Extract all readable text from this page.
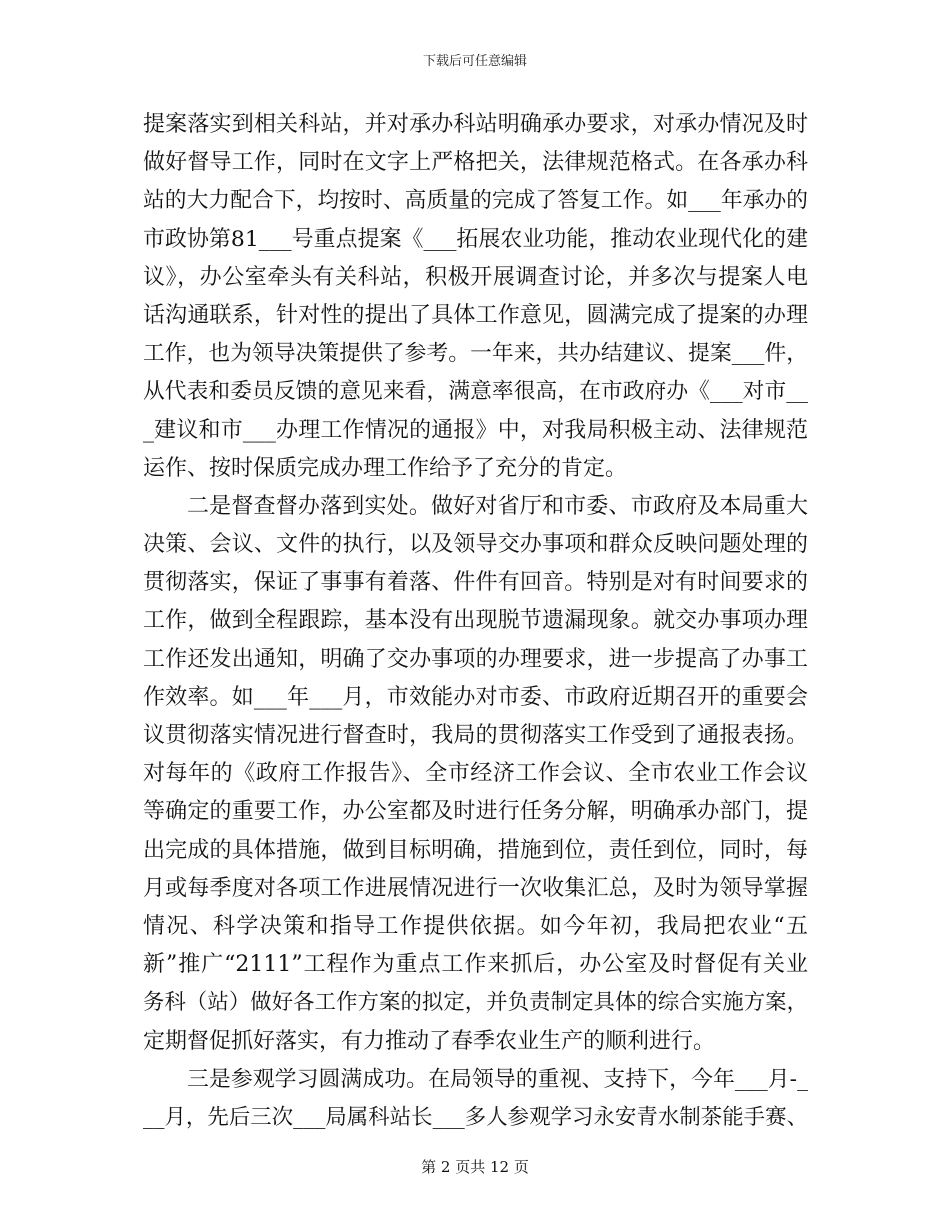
下载后可任意编辑
提案落实到相关科站，并对承办科站明确承办要求，对承办情况及时
做好督导工作，同时在文字上严格把关，法律规范格式。在各承办科
站的大力配合下，均按时、高质量的完成了答复工作。如___年承办的
市政协第81___号重点提案《___拓展农业功能，推动农业现代化的建
议》，办公室牵头有关科站，积极开展调查讨论，并多次与提案人电
话沟通联系，针对性的提出了具体工作意见，圆满完成了提案的办理
工作，也为领导决策提供了参考。一年来，共办结建议、提案___件，
从代表和委员反馈的意见来看，满意率很高，在市政府办《___对市__
_建议和市___办理工作情况的通报》中，对我局积极主动、法律规范
运作、按时保质完成办理工作给予了充分的肯定。
二是督查督办落到实处。做好对省厅和市委、市政府及本局重大
决策、会议、文件的执行，以及领导交办事项和群众反映问题处理的
贯彻落实，保证了事事有着落、件件有回音。特别是对有时间要求的
工作，做到全程跟踪，基本没有出现脱节遗漏现象。就交办事项办理
工作还发出通知，明确了交办事项的办理要求，进一步提高了办事工
作效率。如___年___月，市效能办对市委、市政府近期召开的重要会
议贯彻落实情况进行督查时，我局的贯彻落实工作受到了通报表扬。
对每年的《政府工作报告》、全市经济工作会议、全市农业工作会议
等确定的重要工作，办公室都及时进行任务分解，明确承办部门，提
出完成的具体措施，做到目标明确，措施到位，责任到位，同时，每
月或每季度对各项工作进展情况进行一次收集汇总，及时为领导掌握
情况、科学决策和指导工作提供依据。如今年初，我局把农业“五
新”推广“2111”工程作为重点工作来抓后，办公室及时督促有关业
务科（站）做好各工作方案的拟定，并负责制定具体的综合实施方案，
定期督促抓好落实，有力推动了春季农业生产的顺利进行。
三是参观学习圆满成功。在局领导的重视、支持下，今年___月-_
__月，先后三次___局属科站长___多人参观学习永安青水制茶能手赛、
第 2 页共 12 页
